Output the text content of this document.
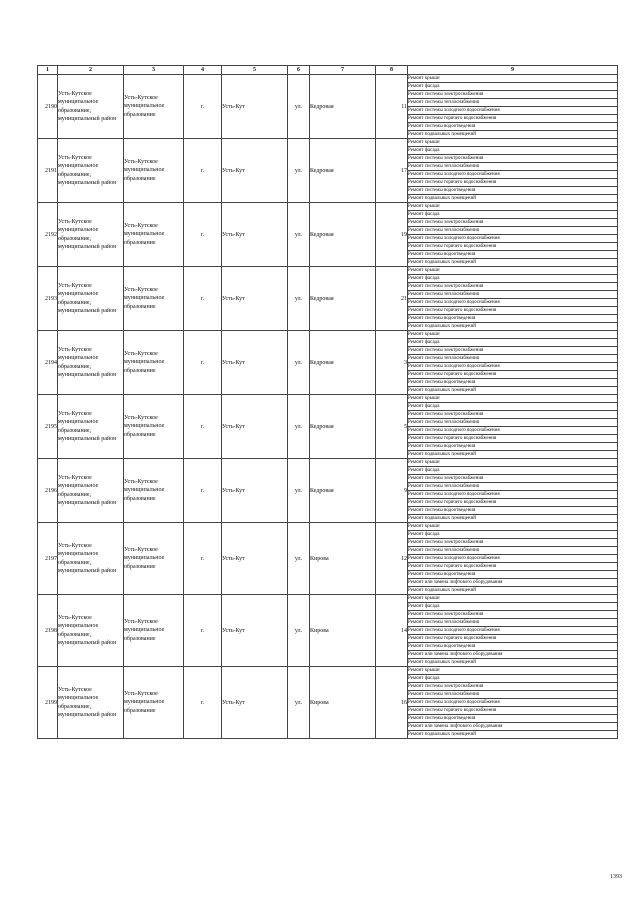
1	2	3	4	5	6	7	8	9
2190	Усть-Кутское муниципальное образование, муниципальный район	Усть-Кутское муниципальное образование	г.	Усть-Кут	ул.	Кедровая	11	Ремонт крыши
								Ремонт фасада
								Ремонт системы электроснабжения
								Ремонт системы теплоснабжения
								Ремонт системы холодного водоснабжения
								Ремонт системы горячего водоснабжения
								Ремонт системы водоотведения
								Ремонт подвальных помещений
2191	Усть-Кутское муниципальное образование, муниципальный район	Усть-Кутское муниципальное образование	г.	Усть-Кут	ул.	Кедровая	17	Ремонт крыши
								Ремонт фасада
								Ремонт системы электроснабжения
								Ремонт системы теплоснабжения
								Ремонт системы холодного водоснабжения
								Ремонт системы горячего водоснабжения
								Ремонт системы водоотведения
								Ремонт подвальных помещений
2192	Усть-Кутское муниципальное образование, муниципальный район	Усть-Кутское муниципальное образование	г.	Усть-Кут	ул.	Кедровая	19	Ремонт крыши
								Ремонт фасада
								Ремонт системы электроснабжения
								Ремонт системы теплоснабжения
								Ремонт системы холодного водоснабжения
								Ремонт системы горячего водоснабжения
								Ремонт системы водоотведения
								Ремонт подвальных помещений
2193	Усть-Кутское муниципальное образование, муниципальный район	Усть-Кутское муниципальное образование	г.	Усть-Кут	ул.	Кедровая	21	Ремонт крыши
								Ремонт фасада
								Ремонт системы электроснабжения
								Ремонт системы теплоснабжения
								Ремонт системы холодного водоснабжения
								Ремонт системы горячего водоснабжения
								Ремонт системы водоотведения
								Ремонт подвальных помещений
2194	Усть-Кутское муниципальное образование, муниципальный район	Усть-Кутское муниципальное образование	г.	Усть-Кут	ул.	Кедровая	3	Ремонт крыши
								Ремонт фасада
								Ремонт системы электроснабжения
								Ремонт системы теплоснабжения
								Ремонт системы холодного водоснабжения
								Ремонт системы горячего водоснабжения
								Ремонт системы водоотведения
								Ремонт подвальных помещений
2195	Усть-Кутское муниципальное образование, муниципальный район	Усть-Кутское муниципальное образование	г.	Усть-Кут	ул.	Кедровая	5	Ремонт крыши
								Ремонт фасада
								Ремонт системы электроснабжения
								Ремонт системы теплоснабжения
								Ремонт системы холодного водоснабжения
								Ремонт системы горячего водоснабжения
								Ремонт системы водоотведения
								Ремонт подвальных помещений
2196	Усть-Кутское муниципальное образование, муниципальный район	Усть-Кутское муниципальное образование	г.	Усть-Кут	ул.	Кедровая	9	Ремонт крыши
								Ремонт фасада
								Ремонт системы электроснабжения
								Ремонт системы теплоснабжения
								Ремонт системы холодного водоснабжения
								Ремонт системы горячего водоснабжения
								Ремонт системы водоотведения
								Ремонт подвальных помещений
2197	Усть-Кутское муниципальное образование, муниципальный район	Усть-Кутское муниципальное образование	г.	Усть-Кут	ул.	Кирова	12	Ремонт крыши
								Ремонт фасада
								Ремонт системы электроснабжения
								Ремонт системы теплоснабжения
								Ремонт системы холодного водоснабжения
								Ремонт системы горячего водоснабжения
								Ремонт системы водоотведения
								Ремонт или замена лифтового оборудования
								Ремонт подвальных помещений
2198	Усть-Кутское муниципальное образование, муниципальный район	Усть-Кутское муниципальное образование	г.	Усть-Кут	ул.	Кирова	14	Ремонт крыши
								Ремонт фасада
								Ремонт системы электроснабжения
								Ремонт системы теплоснабжения
								Ремонт системы холодного водоснабжения
								Ремонт системы горячего водоснабжения
								Ремонт системы водоотведения
								Ремонт или замена лифтового оборудования
								Ремонт подвальных помещений
2199	Усть-Кутское муниципальное образование, муниципальный район	Усть-Кутское муниципальное образование	г.	Усть-Кут	ул.	Кирова	16	Ремонт крыши
								Ремонт фасада
								Ремонт системы электроснабжения
								Ремонт системы теплоснабжения
								Ремонт системы холодного водоснабжения
								Ремонт системы горячего водоснабжения
								Ремонт системы водоотведения
								Ремонт или замена лифтового оборудования
								Ремонт подвальных помещений
1393
